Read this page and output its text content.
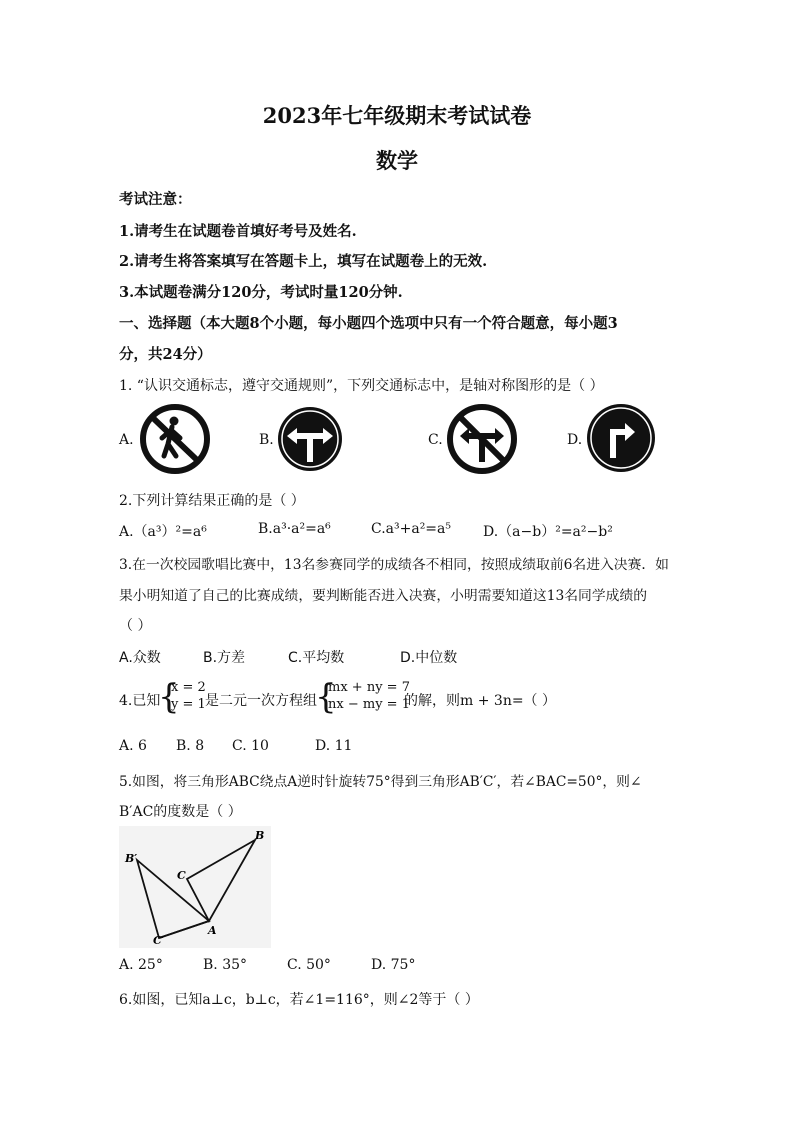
2023年七年级期末考试试卷
数学
考试注意：
1.请考生在试题卷首填好考号及姓名.
2.请考生将答案填写在答题卡上，填写在试题卷上的无效.
3.本试题卷满分120分，考试时量120分钟.
一、选择题（本大题8个小题，每小题四个选项中只有一个符合题意，每小题3
分，共24分）
1. “认识交通标志，遵守交通规则”，下列交通标志中，是轴对称图形的是（ ）
A.	B.	C.	D.
2.下列计算结果正确的是（ ）
A.（a³）²=a⁶	B.a³·a²=a⁶	C.a³+a²=a⁵ D.（a−b）²=a²−b²
3.在一次校园歌唱比赛中，13名参赛同学的成绩各不相同，按照成绩取前6名进入决赛．如
果小明知道了自己的比赛成绩，要判断能否进入决赛，小明需要知道这13名同学成绩的
（ ）
A.众数	B.方差	C.平均数	D.中位数
4.已知
{
x = 2
y = 1 是二元一次方程组
{
mx + ny = 7
nx − my = 1
的解，则m + 3n=（ ）
A. 6 B. 8 C. 10	D. 11
5.如图，将三角形ABC绕点A逆时针旋转75°得到三角形AB′C′，若∠BAC=50°，则∠
B′AC的度数是（ ）
B
B′
C
C′
A
A. 25°	B. 35°	C. 50°	D. 75°
6.如图，已知a⊥c，b⊥c，若∠1=116°，则∠2等于（ ）
